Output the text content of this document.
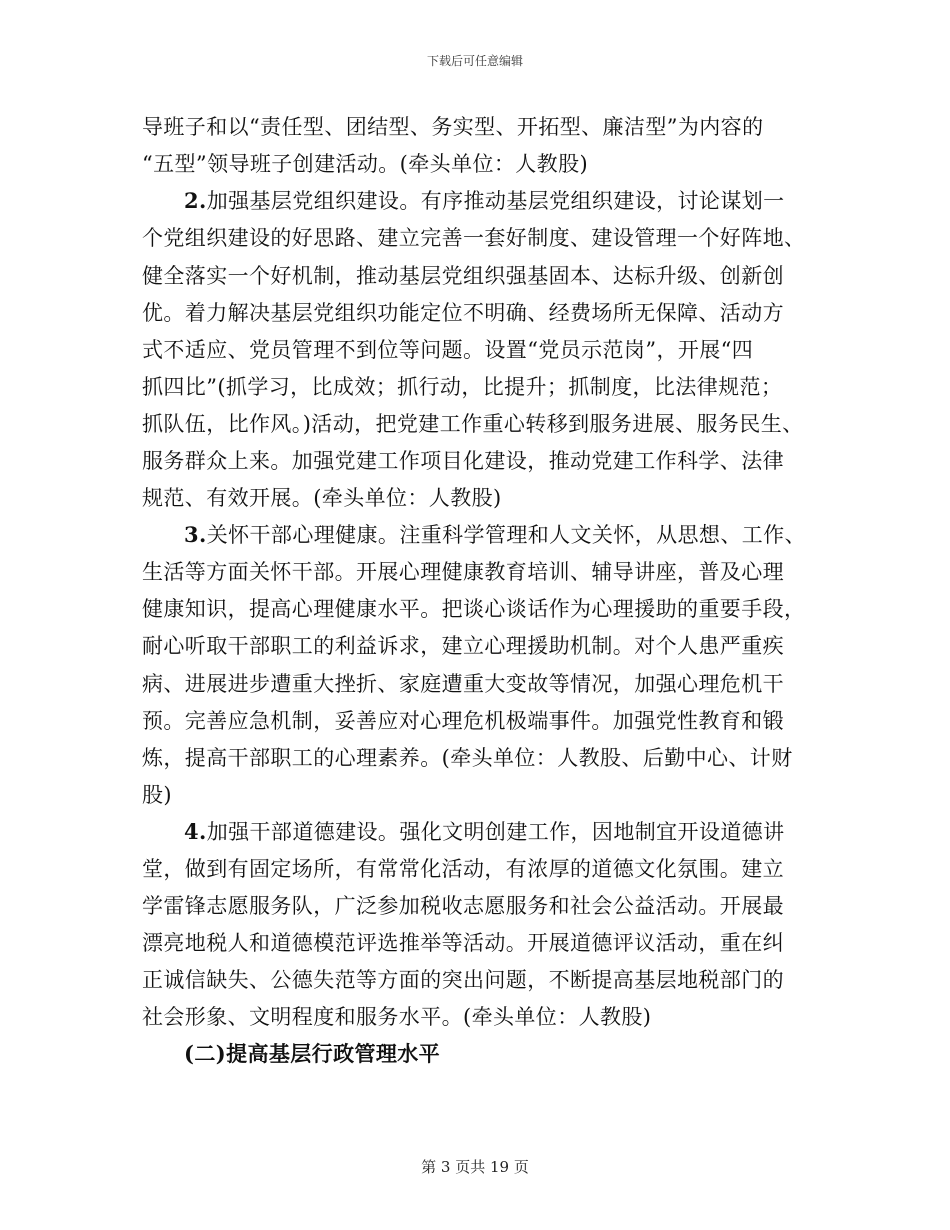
下载后可任意编辑
导班子和以“责任型、团结型、务实型、开拓型、廉洁型”为内容的
“五型”领导班子创建活动。(牵头单位：人教股)
2.加强基层党组织建设。有序推动基层党组织建设，讨论谋划一
个党组织建设的好思路、建立完善一套好制度、建设管理一个好阵地、
健全落实一个好机制，推动基层党组织强基固本、达标升级、创新创
优。着力解决基层党组织功能定位不明确、经费场所无保障、活动方
式不适应、党员管理不到位等问题。设置“党员示范岗”，开展“四
抓四比”(抓学习，比成效；抓行动，比提升；抓制度，比法律规范；
抓队伍，比作风。)活动，把党建工作重心转移到服务进展、服务民生、
服务群众上来。加强党建工作项目化建设，推动党建工作科学、法律
规范、有效开展。(牵头单位：人教股)
3.关怀干部心理健康。注重科学管理和人文关怀，从思想、工作、
生活等方面关怀干部。开展心理健康教育培训、辅导讲座，普及心理
健康知识，提高心理健康水平。把谈心谈话作为心理援助的重要手段，
耐心听取干部职工的利益诉求，建立心理援助机制。对个人患严重疾
病、进展进步遭重大挫折、家庭遭重大变故等情况，加强心理危机干
预。完善应急机制，妥善应对心理危机极端事件。加强党性教育和锻
炼，提高干部职工的心理素养。(牵头单位：人教股、后勤中心、计财
股)
4.加强干部道德建设。强化文明创建工作，因地制宜开设道德讲
堂，做到有固定场所，有常常化活动，有浓厚的道德文化氛围。建立
学雷锋志愿服务队，广泛参加税收志愿服务和社会公益活动。开展最
漂亮地税人和道德模范评选推举等活动。开展道德评议活动，重在纠
正诚信缺失、公德失范等方面的突出问题，不断提高基层地税部门的
社会形象、文明程度和服务水平。(牵头单位：人教股)
(二)提高基层行政管理水平
第 3 页共 19 页
